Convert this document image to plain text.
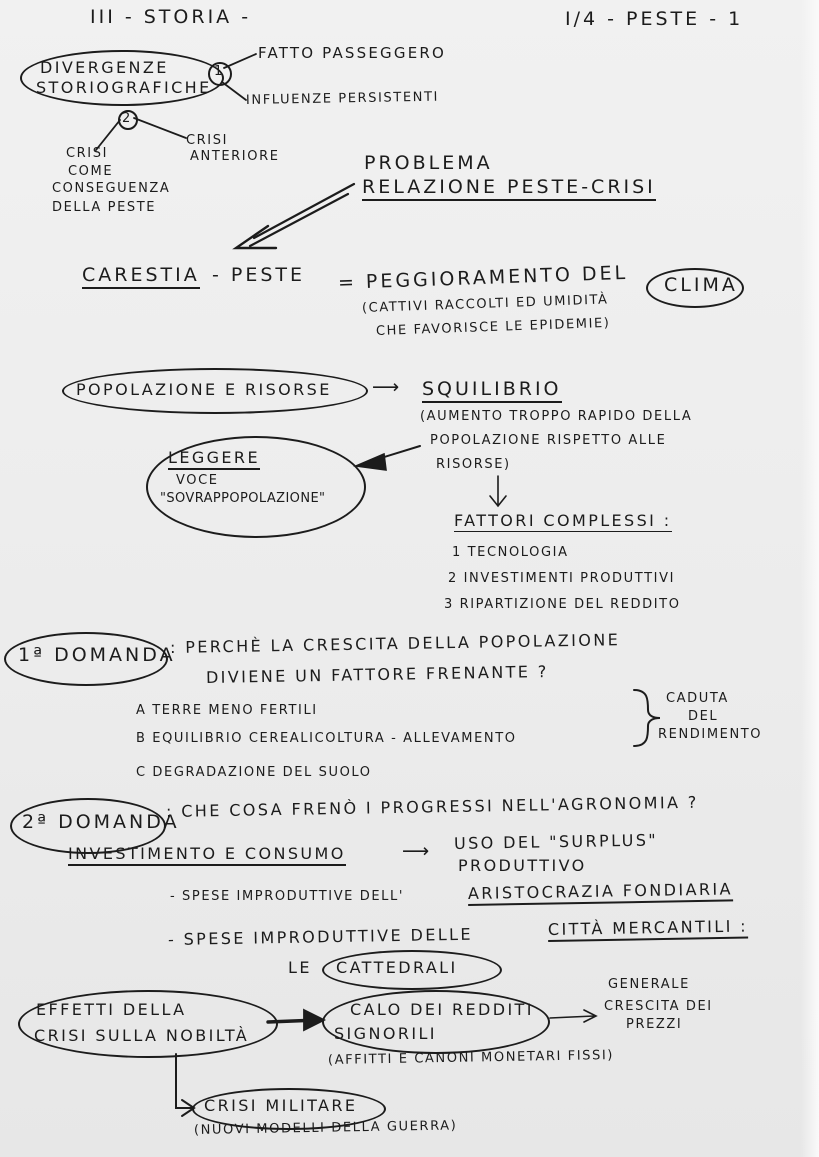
III - STORIA -	I/4 - PESTE - 1
DIVERGENZE
STORIOGRAFICHE
1
2
FATTO PASSEGGERO
INFLUENZE PERSISTENTI
CRISI
COME
CONSEGUENZA
DELLA PESTE
CRISI
ANTERIORE	PROBLEMA
RELAZIONE PESTE-CRISI
CARESTIA - PESTE = PEGGIORAMENTO DEL CLIMA
(CATTIVI RACCOLTI ED UMIDITÀ
CHE FAVORISCE LE EPIDEMIE)
POPOLAZIONE E RISORSE ⟶ SQUILIBRIO
(AUMENTO TROPPO RAPIDO DELLA
POPOLAZIONE RISPETTO ALLE
RISORSE)
LEGGERE
VOCE
"SOVRAPPOPOLAZIONE"
FATTORI COMPLESSI :
1 TECNOLOGIA
2 INVESTIMENTI PRODUTTIVI
3 RIPARTIZIONE DEL REDDITO
1ª DOMANDA
: PERCHÈ LA CRESCITA DELLA POPOLAZIONE
DIVIENE UN FATTORE FRENANTE ?
A TERRE MENO FERTILI
B EQUILIBRIO CEREALICOLTURA - ALLEVAMENTO
C DEGRADAZIONE DEL SUOLO
CADUTA
DEL
RENDIMENTO
2ª DOMANDA
: CHE COSA FRENÒ I PROGRESSI NELL'AGRONOMIA ?
INVESTIMENTO E CONSUMO	⟶ USO DEL "SURPLUS"
PRODUTTIVO
- SPESE IMPRODUTTIVE DELL'	ARISTOCRAZIA FONDIARIA
- SPESE IMPRODUTTIVE DELLE	CITTÀ MERCANTILI :
LE CATTEDRALI
EFFETTI DELLA
CRISI SULLA NOBILTÀ
CALO DEI REDDITI
SIGNORILI
(AFFITTI E CANONI MONETARI FISSI)
GENERALE
CRESCITA DEI
PREZZI
CRISI MILITARE
(NUOVI MODELLI DELLA GUERRA)
